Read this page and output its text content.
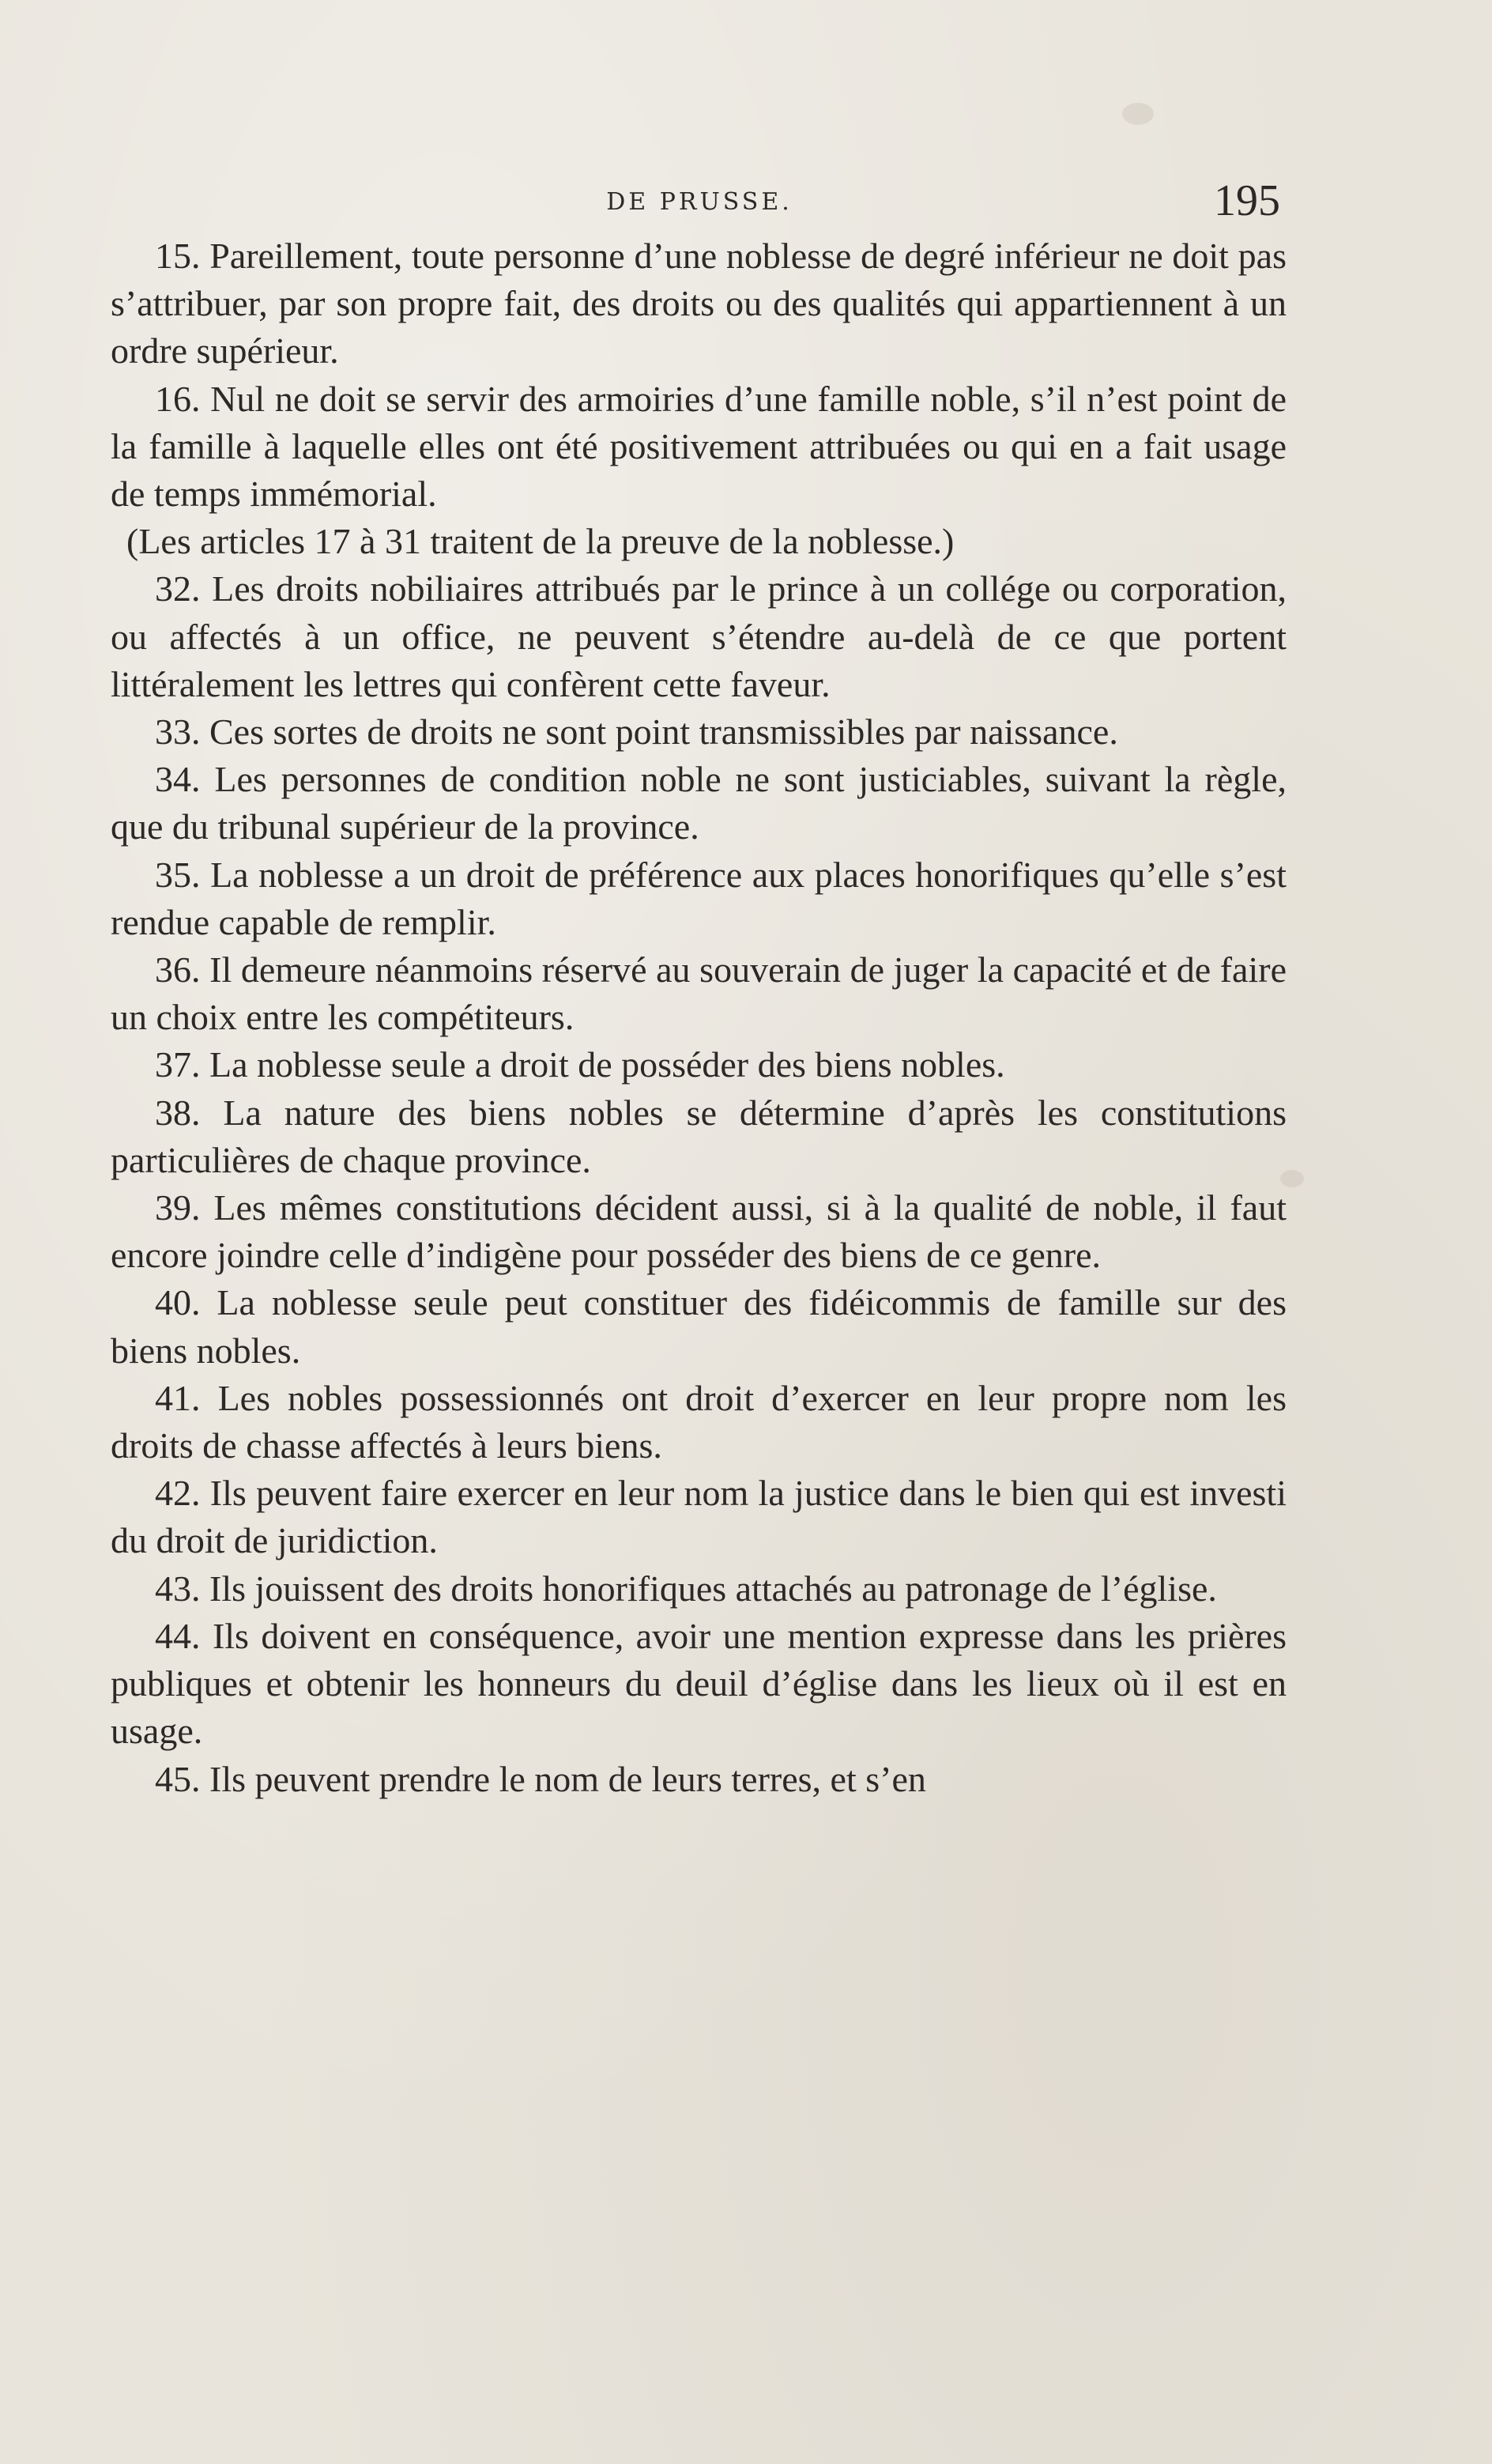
DE PRUSSE.	195

15. Pareillement, toute personne d’une noblesse de degré inférieur ne doit pas s’attribuer, par son propre fait, des droits ou des qualités qui appartiennent à un ordre supérieur.

16. Nul ne doit se servir des armoiries d’une famille noble, s’il n’est point de la famille à laquelle elles ont été positivement attribuées ou qui en a fait usage de temps immémorial.

(Les articles 17 à 31 traitent de la preuve de la noblesse.)

32. Les droits nobiliaires attribués par le prince à un collége ou corporation, ou affectés à un office, ne peuvent s’étendre au-delà de ce que portent littéralement les lettres qui confèrent cette faveur.

33. Ces sortes de droits ne sont point transmissibles par naissance.

34. Les personnes de condition noble ne sont justiciables, suivant la règle, que du tribunal supérieur de la province.

35. La noblesse a un droit de préférence aux places honorifiques qu’elle s’est rendue capable de remplir.

36. Il demeure néanmoins réservé au souverain de juger la capacité et de faire un choix entre les compétiteurs.

37. La noblesse seule a droit de posséder des biens nobles.

38. La nature des biens nobles se détermine d’après les constitutions particulières de chaque province.

39. Les mêmes constitutions décident aussi, si à la qualité de noble, il faut encore joindre celle d’indigène pour posséder des biens de ce genre.

40. La noblesse seule peut constituer des fidéicommis de famille sur des biens nobles.

41. Les nobles possessionnés ont droit d’exercer en leur propre nom les droits de chasse affectés à leurs biens.

42. Ils peuvent faire exercer en leur nom la justice dans le bien qui est investi du droit de juridiction.

43. Ils jouissent des droits honorifiques attachés au patronage de l’église.

44. Ils doivent en conséquence, avoir une mention expresse dans les prières publiques et obtenir les honneurs du deuil d’église dans les lieux où il est en usage.

45. Ils peuvent prendre le nom de leurs terres, et s’en
